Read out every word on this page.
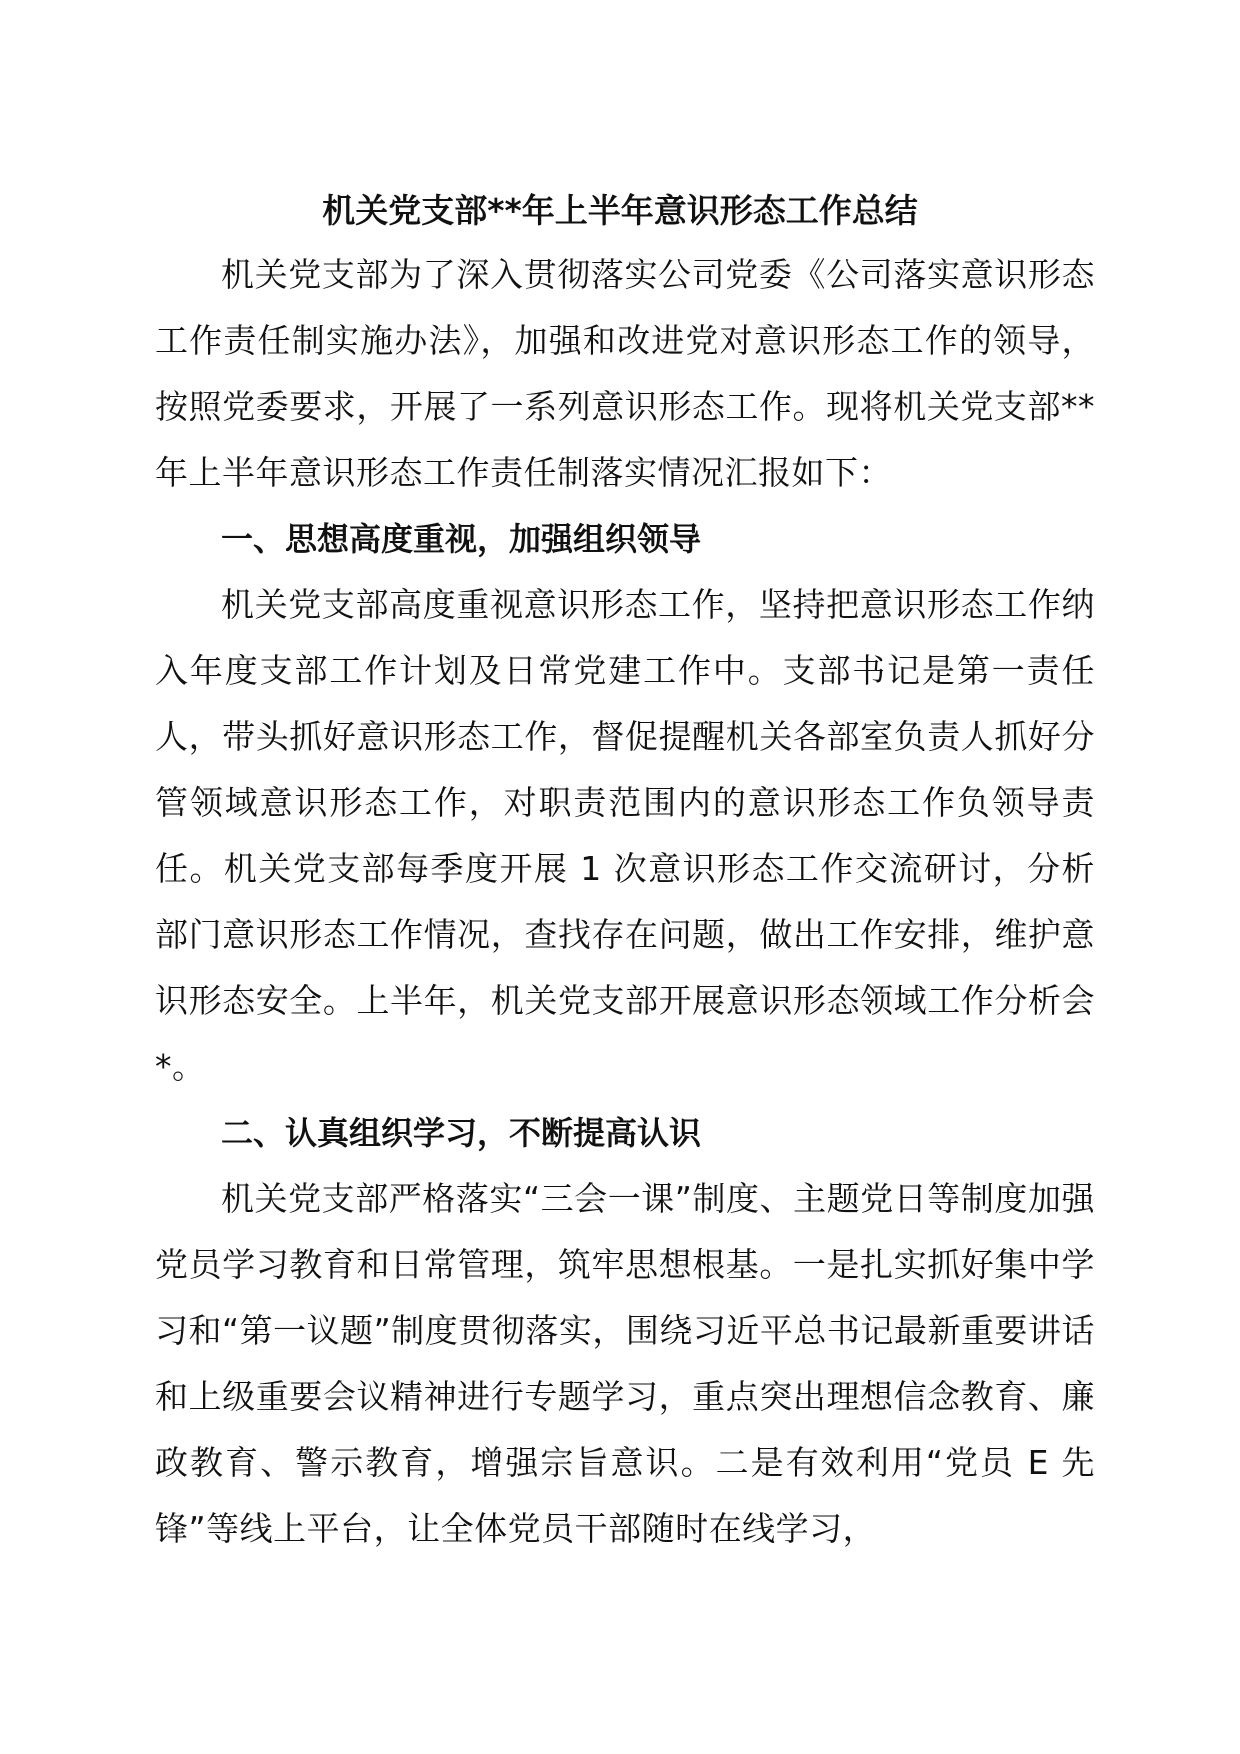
机关党支部**年上半年意识形态工作总结

机关党支部为了深入贯彻落实公司党委《公司落实意识形态工作责任制实施办法》，加强和改进党对意识形态工作的领导，按照党委要求，开展了一系列意识形态工作。现将机关党支部**年上半年意识形态工作责任制落实情况汇报如下：

一、思想高度重视，加强组织领导

机关党支部高度重视意识形态工作，坚持把意识形态工作纳入年度支部工作计划及日常党建工作中。支部书记是第一责任人，带头抓好意识形态工作，督促提醒机关各部室负责人抓好分管领域意识形态工作，对职责范围内的意识形态工作负领导责任。机关党支部每季度开展 1 次意识形态工作交流研讨，分析部门意识形态工作情况，查找存在问题，做出工作安排，维护意识形态安全。上半年，机关党支部开展意识形态领域工作分析会*。

二、认真组织学习，不断提高认识

机关党支部严格落实“三会一课”制度、主题党日等制度加强党员学习教育和日常管理，筑牢思想根基。一是扎实抓好集中学习和“第一议题”制度贯彻落实，围绕习近平总书记最新重要讲话和上级重要会议精神进行专题学习，重点突出理想信念教育、廉政教育、警示教育，增强宗旨意识。二是有效利用“党员 E 先锋”等线上平台，让全体党员干部随时在线学习，
